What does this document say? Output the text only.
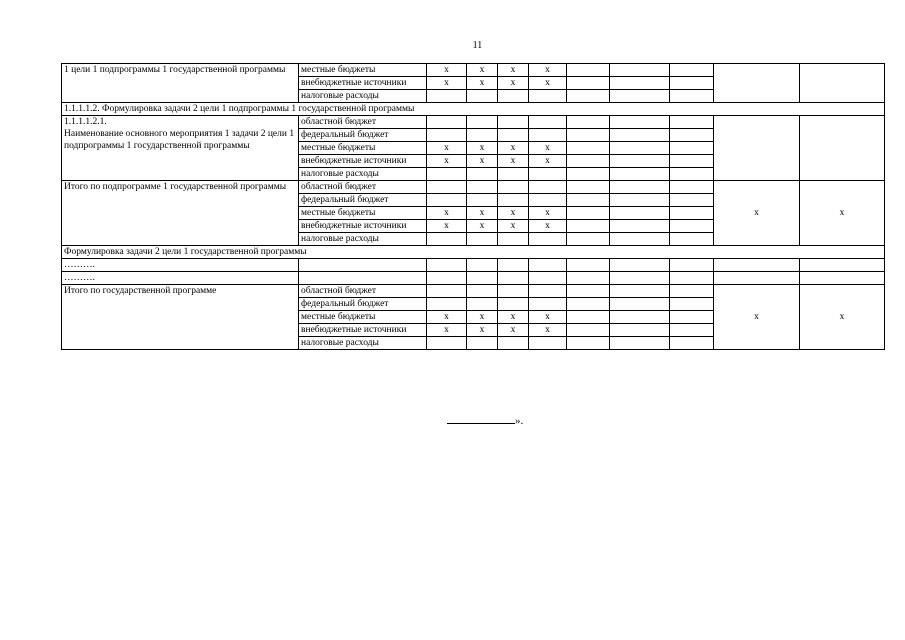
11
1 цели 1 подпрограммы 1 государственной программы	местные бюджеты	х	х	х	х					
	внебюджетные источники	х	х	х	х					
	налоговые расходы									
1.1.1.1.2. Формулировка задачи 2 цели 1 подпрограммы 1 государственной программы										
1.1.1.1.2.1.
Наименование основного мероприятия 1 задачи 2 цели 1 подпрограммы 1 государственной программы	областной бюджет									
	федеральный бюджет									
	местные бюджеты	х	х	х	х					
	внебюджетные источники	х	х	х	х					
	налоговые расходы									
Итого по подпрограмме 1 государственной программы	областной бюджет								х	х
	федеральный бюджет									
	местные бюджеты	х	х	х	х					
	внебюджетные источники	х	х	х	х					
	налоговые расходы									
Формулировка задачи 2 цели 1 государственной программы										
……….										
……….										
Итого по государственной программе	областной бюджет								х	х
	федеральный бюджет									
	местные бюджеты	х	х	х	х					
	внебюджетные источники	х	х	х	х					
	налоговые расходы									
».
